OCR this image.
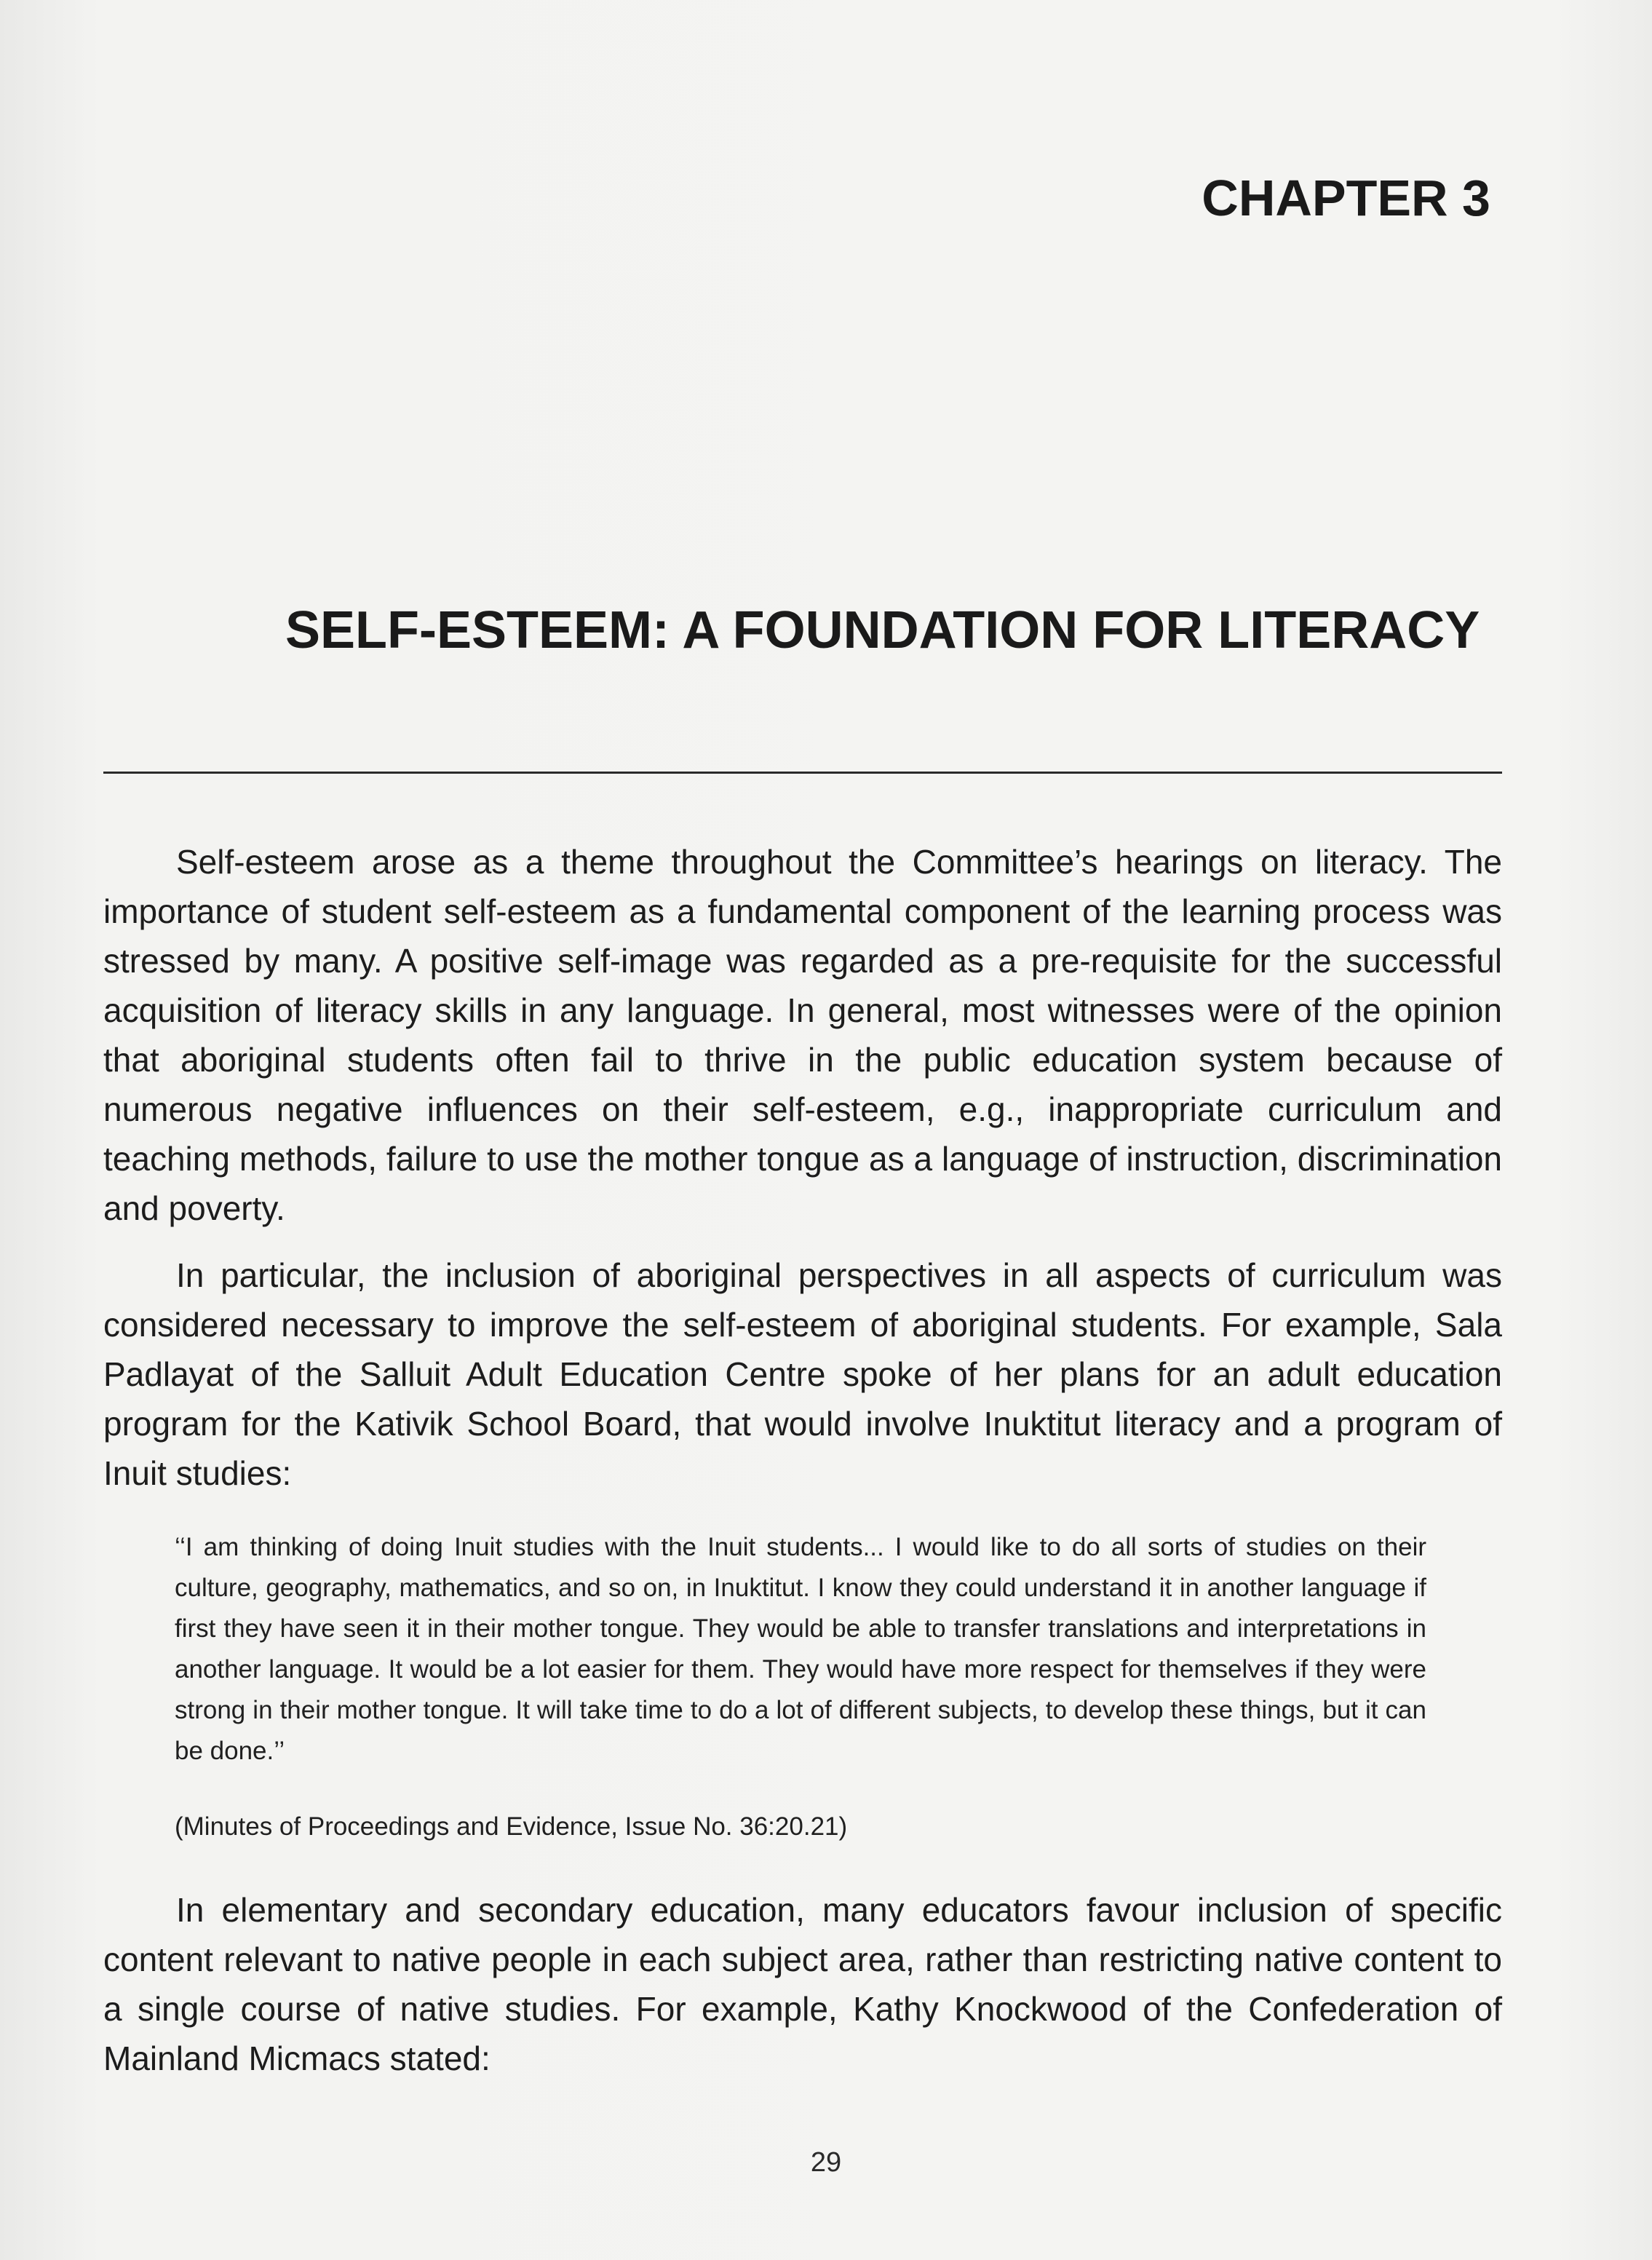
CHAPTER 3
SELF-ESTEEM: A FOUNDATION FOR LITERACY

Self-esteem arose as a theme throughout the Committee’s hearings on literacy. The importance of student self-esteem as a fundamental component of the learning process was stressed by many. A positive self-image was regarded as a pre-requisite for the successful acquisition of literacy skills in any language. In general, most witnesses were of the opinion that aboriginal students often fail to thrive in the public education system because of numerous negative influences on their self-esteem, e.g., inappropriate curriculum and teaching methods, failure to use the mother tongue as a language of instruction, discrimination and poverty.

In particular, the inclusion of aboriginal perspectives in all aspects of curriculum was considered necessary to improve the self-esteem of aboriginal students. For example, Sala Padlayat of the Salluit Adult Education Centre spoke of her plans for an adult education program for the Kativik School Board, that would involve Inuktitut literacy and a program of Inuit studies:

‘‘I am thinking of doing Inuit studies with the Inuit students... I would like to do all sorts of studies on their culture, geography, mathematics, and so on, in Inuktitut. I know they could understand it in another language if first they have seen it in their mother tongue. They would be able to transfer translations and interpretations in another language. It would be a lot easier for them. They would have more respect for themselves if they were strong in their mother tongue. It will take time to do a lot of different subjects, to develop these things, but it can be done.’’

(Minutes of Proceedings and Evidence, Issue No. 36:20.21)

In elementary and secondary education, many educators favour inclusion of specific content relevant to native people in each subject area, rather than restricting native content to a single course of native studies. For example, Kathy Knockwood of the Confederation of Mainland Micmacs stated:

29
